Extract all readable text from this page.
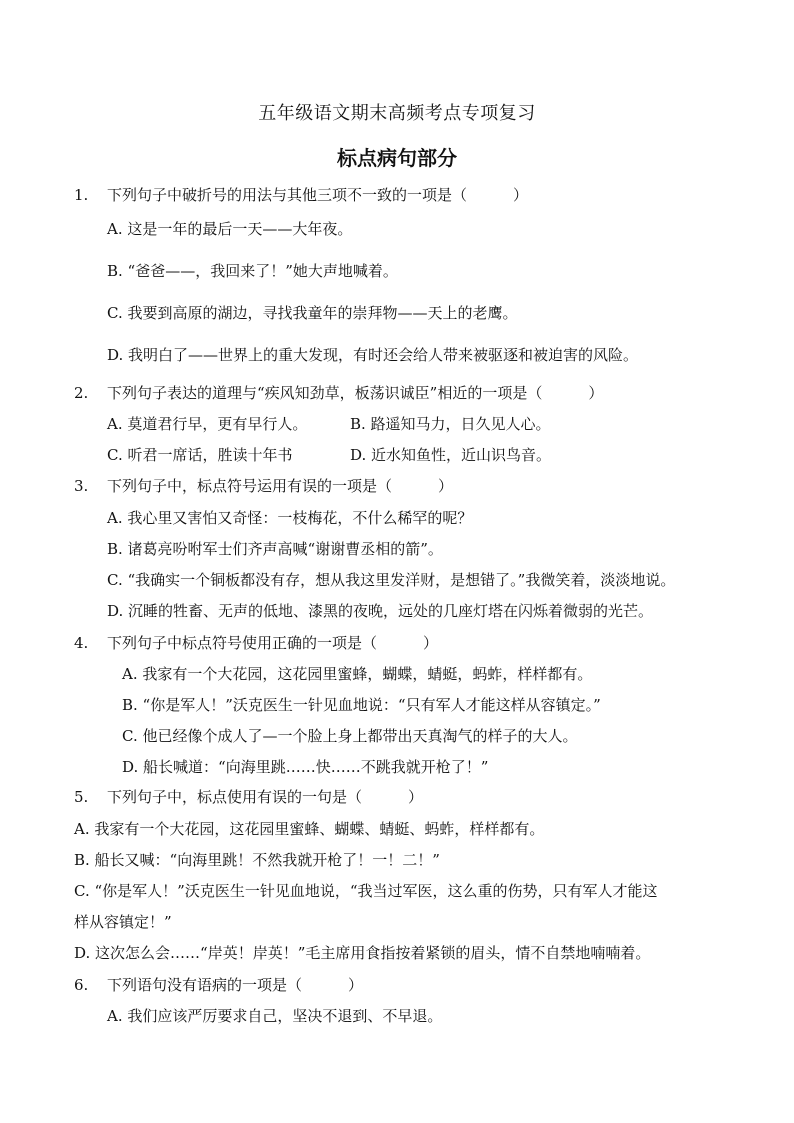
五年级语文期末高频考点专项复习
标点病句部分
1. 下列句子中破折号的用法与其他三项不一致的一项是（	）
A. 这是一年的最后一天——大年夜。
B. “爸爸——，我回来了！”她大声地喊着。
C. 我要到高原的湖边，寻找我童年的崇拜物——天上的老鹰。
D. 我明白了——世界上的重大发现，有时还会给人带来被驱逐和被迫害的风险。
2. 下列句子表达的道理与“疾风知劲草，板荡识诚臣”相近的一项是（	）
A. 莫道君行早，更有早行人。	B. 路遥知马力，日久见人心。
C. 听君一席话，胜读十年书	D. 近水知鱼性，近山识鸟音。
3. 下列句子中，标点符号运用有误的一项是（	）
A. 我心里又害怕又奇怪：一枝梅花，不什么稀罕的呢？
B. 诸葛亮吩咐军士们齐声高喊“谢谢曹丞相的箭”。
C. “我确实一个铜板都没有存，想从我这里发洋财，是想错了。”我微笑着，淡淡地说。
D. 沉睡的牲畜、无声的低地、漆黑的夜晚，远处的几座灯塔在闪烁着微弱的光芒。
4. 下列句子中标点符号使用正确的一项是（	）
A. 我家有一个大花园，这花园里蜜蜂，蝴蝶，蜻蜓，蚂蚱，样样都有。
B. “你是军人！”沃克医生一针见血地说：“只有军人才能这样从容镇定。”
C. 他已经像个成人了—一个脸上身上都带出天真淘气的样子的大人。
D. 船长喊道：“向海里跳……快……不跳我就开枪了！”
5. 下列句子中，标点使用有误的一句是（	）
A. 我家有一个大花园，这花园里蜜蜂、蝴蝶、蜻蜓、蚂蚱，样样都有。
B. 船长又喊：“向海里跳！不然我就开枪了！一！二！”
C. “你是军人！”沃克医生一针见血地说，“我当过军医，这么重的伤势，只有军人才能这
样从容镇定！”
D. 这次怎么会……“岸英！岸英！”毛主席用食指按着紧锁的眉头，情不自禁地喃喃着。
6. 下列语句没有语病的一项是（	）
A. 我们应该严厉要求自己，坚决不退到、不早退。
